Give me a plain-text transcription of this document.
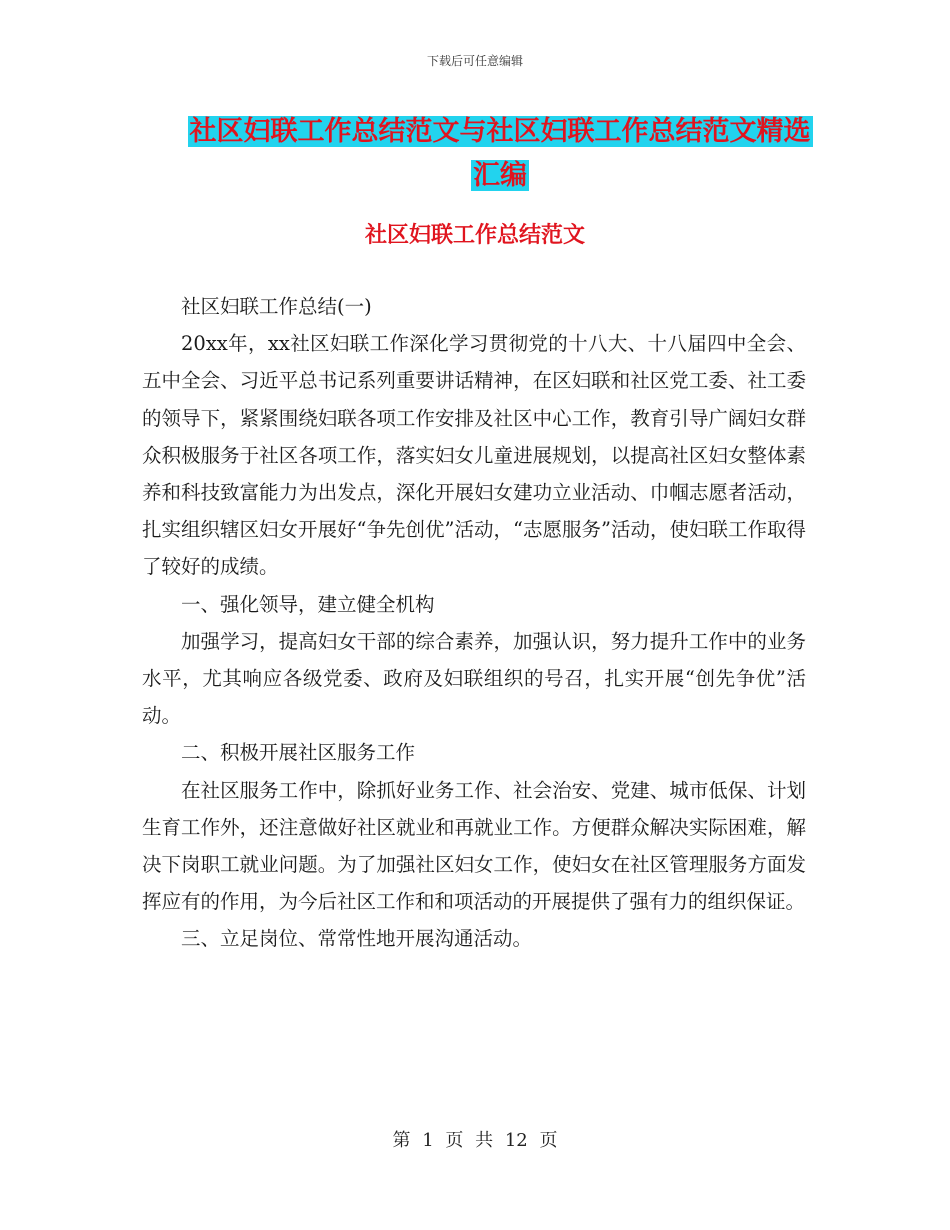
下载后可任意编辑
社区妇联工作总结范文与社区妇联工作总结范文精选
汇编
社区妇联工作总结范文

社区妇联工作总结(一)

20xx年，xx社区妇联工作深化学习贯彻党的十八大、十八届四中全会、五中全会、习近平总书记系列重要讲话精神，在区妇联和社区党工委、社工委的领导下，紧紧围绕妇联各项工作安排及社区中心工作，教育引导广阔妇女群众积极服务于社区各项工作，落实妇女儿童进展规划，以提高社区妇女整体素养和科技致富能力为出发点，深化开展妇女建功立业活动、巾帼志愿者活动，扎实组织辖区妇女开展好“争先创优”活动，“志愿服务”活动，使妇联工作取得了较好的成绩。

一、强化领导，建立健全机构

加强学习，提高妇女干部的综合素养，加强认识，努力提升工作中的业务水平，尤其响应各级党委、政府及妇联组织的号召，扎实开展“创先争优”活动。

二、积极开展社区服务工作

在社区服务工作中，除抓好业务工作、社会治安、党建、城市低保、计划生育工作外，还注意做好社区就业和再就业工作。方便群众解决实际困难，解决下岗职工就业问题。为了加强社区妇女工作，使妇女在社区管理服务方面发挥应有的作用，为今后社区工作和和项活动的开展提供了强有力的组织保证。

三、立足岗位、常常性地开展沟通活动。

第 1 页 共 12 页
